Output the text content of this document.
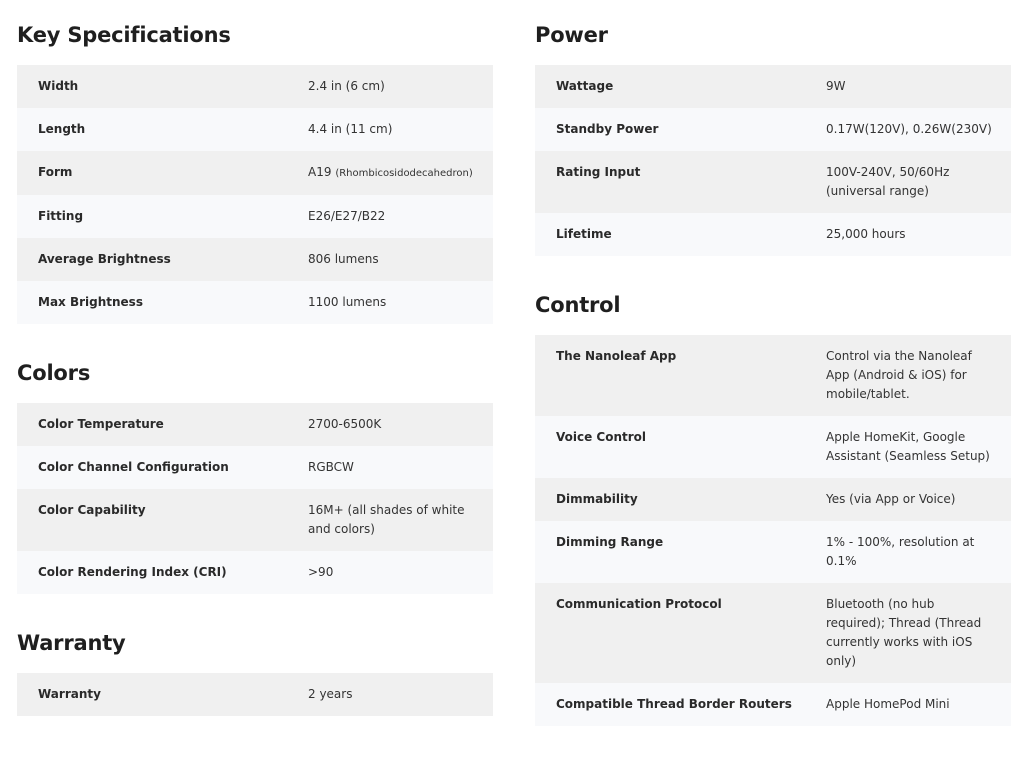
Key Specifications
Width	2.4 in (6 cm)
Length	4.4 in (11 cm)
Form	A19 (Rhombicosidodecahedron)
Fitting	E26/E27/B22
Average Brightness	806 lumens
Max Brightness	1100 lumens
Colors
Color Temperature	2700-6500K
Color Channel Configuration	RGBCW
Color Capability	16M+ (all shades of white and colors)
Color Rendering Index (CRI)	>90
Warranty
Warranty	2 years
Power
Wattage	9W
Standby Power	0.17W(120V), 0.26W(230V)
Rating Input	100V-240V, 50/60Hz (universal range)
Lifetime	25,000 hours
Control
The Nanoleaf App	Control via the Nanoleaf App (Android & iOS) for mobile/tablet.
Voice Control	Apple HomeKit, Google Assistant (Seamless Setup)
Dimmability	Yes (via App or Voice)
Dimming Range	1% - 100%, resolution at 0.1%
Communication Protocol	Bluetooth (no hub required); Thread (Thread currently works with iOS only)
Compatible Thread Border Routers	Apple HomePod Mini
